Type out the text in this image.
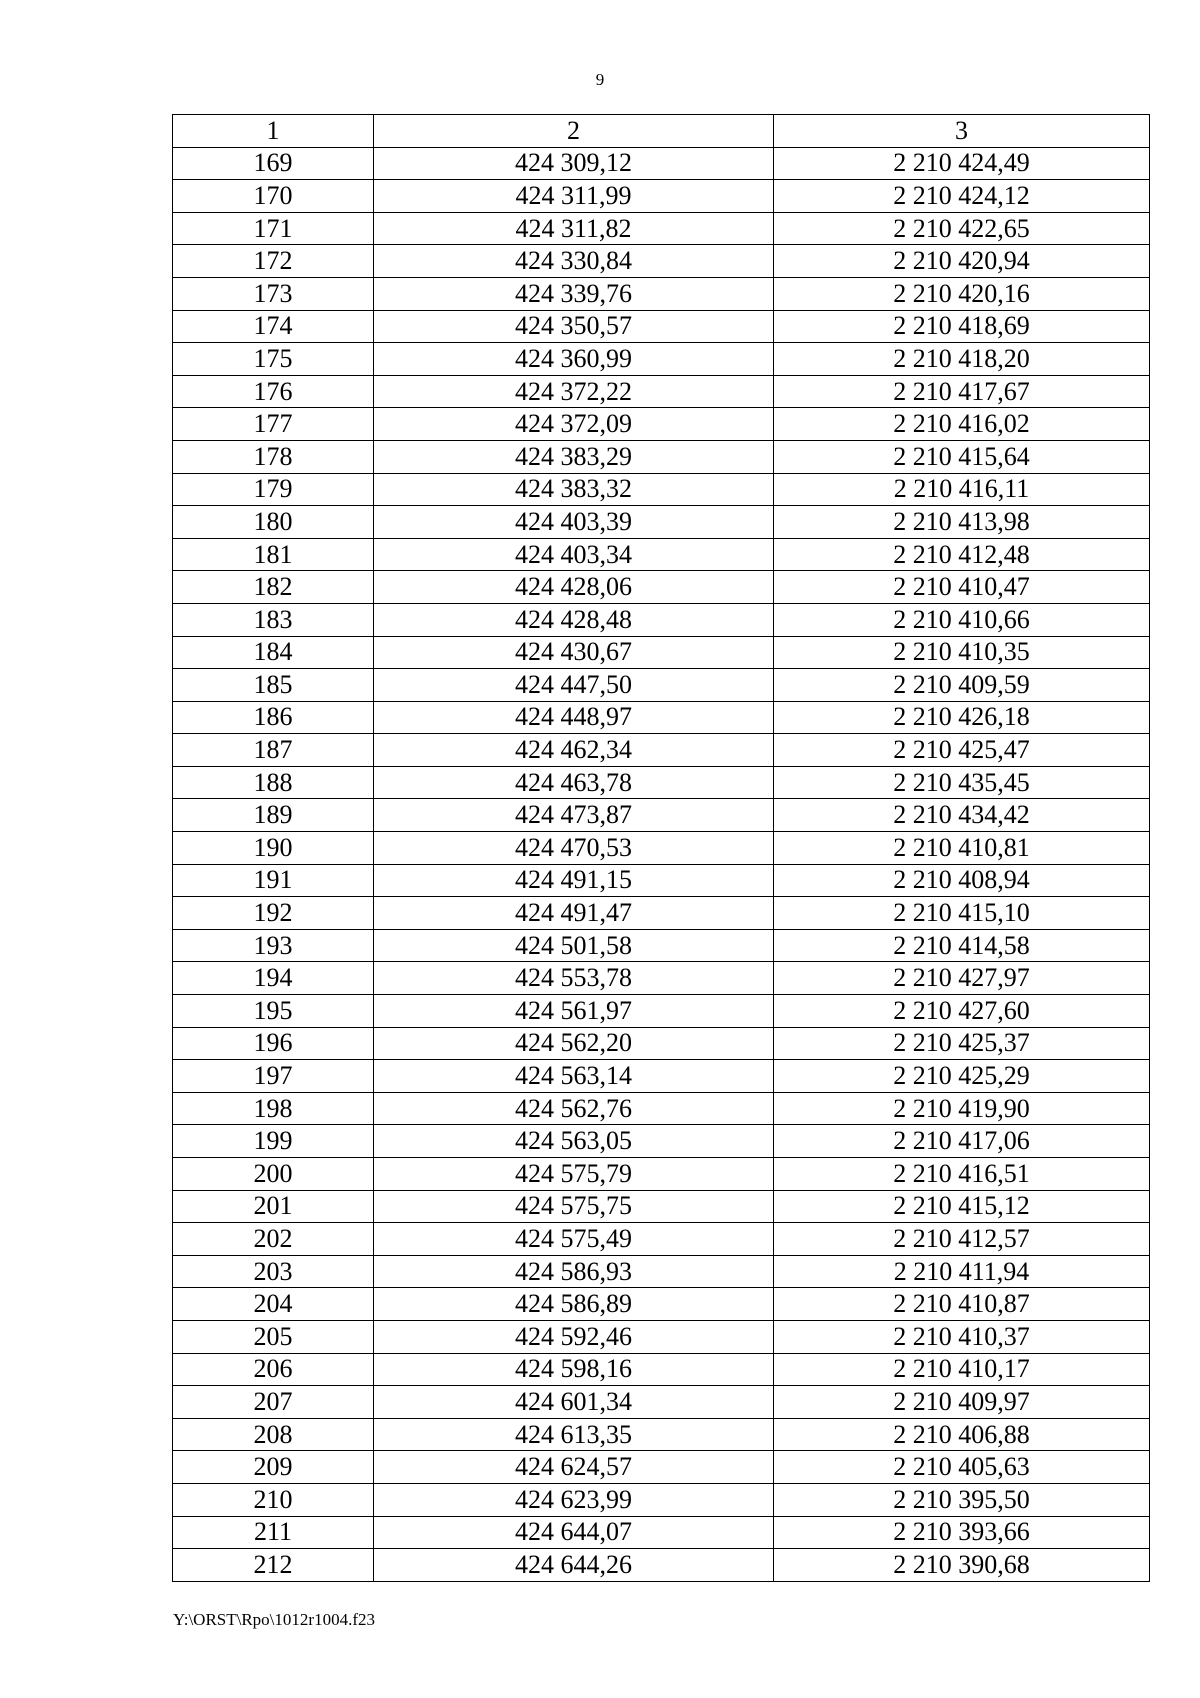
9
1	2	3
169	424 309,12	2 210 424,49
170	424 311,99	2 210 424,12
171	424 311,82	2 210 422,65
172	424 330,84	2 210 420,94
173	424 339,76	2 210 420,16
174	424 350,57	2 210 418,69
175	424 360,99	2 210 418,20
176	424 372,22	2 210 417,67
177	424 372,09	2 210 416,02
178	424 383,29	2 210 415,64
179	424 383,32	2 210 416,11
180	424 403,39	2 210 413,98
181	424 403,34	2 210 412,48
182	424 428,06	2 210 410,47
183	424 428,48	2 210 410,66
184	424 430,67	2 210 410,35
185	424 447,50	2 210 409,59
186	424 448,97	2 210 426,18
187	424 462,34	2 210 425,47
188	424 463,78	2 210 435,45
189	424 473,87	2 210 434,42
190	424 470,53	2 210 410,81
191	424 491,15	2 210 408,94
192	424 491,47	2 210 415,10
193	424 501,58	2 210 414,58
194	424 553,78	2 210 427,97
195	424 561,97	2 210 427,60
196	424 562,20	2 210 425,37
197	424 563,14	2 210 425,29
198	424 562,76	2 210 419,90
199	424 563,05	2 210 417,06
200	424 575,79	2 210 416,51
201	424 575,75	2 210 415,12
202	424 575,49	2 210 412,57
203	424 586,93	2 210 411,94
204	424 586,89	2 210 410,87
205	424 592,46	2 210 410,37
206	424 598,16	2 210 410,17
207	424 601,34	2 210 409,97
208	424 613,35	2 210 406,88
209	424 624,57	2 210 405,63
210	424 623,99	2 210 395,50
211	424 644,07	2 210 393,66
212	424 644,26	2 210 390,68
Y:\ORST\Rpo\1012r1004.f23
